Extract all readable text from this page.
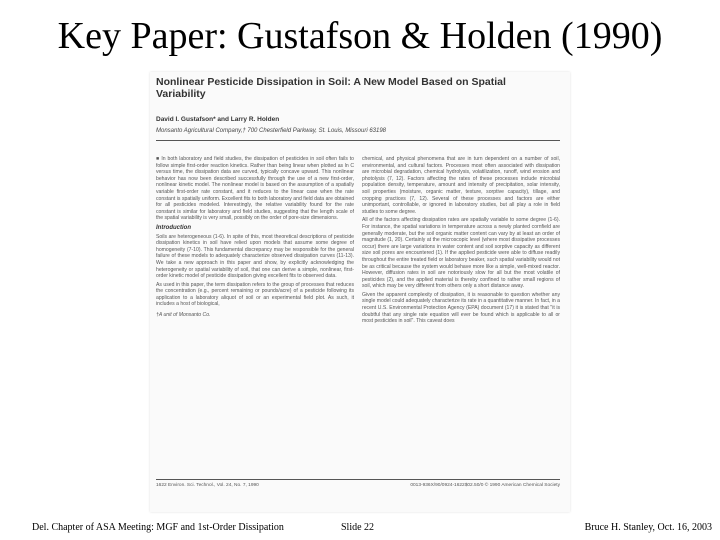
Key Paper: Gustafson & Holden (1990)
Nonlinear Pesticide Dissipation in Soil: A New Model Based on Spatial Variability
David I. Gustafson* and Larry R. Holden
Monsanto Agricultural Company,† 700 Chesterfield Parkway, St. Louis, Missouri 63198

■ In both laboratory and field studies, the dissipation of pesticides in soil often fails to follow simple first-order reaction kinetics. Rather than being linear when plotted as ln C versus time, the dissipation data are curved, typically concave upward. This nonlinear behavior has now been described successfully through the use of a new first-order, nonlinear kinetic model. The nonlinear model is based on the assumption of a spatially variable first-order rate constant, and it reduces to the linear case when the rate constant is spatially uniform. Excellent fits to both laboratory and field data are obtained for all pesticides modeled. Interestingly, the relative variability found for the rate constant is similar for laboratory and field studies, suggesting that the length scale of the spatial variability is very small, possibly on the order of pore-size dimensions.

Introduction

Soils are heterogeneous (1-6). In spite of this, most theoretical descriptions of pesticide dissipation kinetics in soil have relied upon models that assume some degree of homogeneity (7-10). This fundamental discrepancy may be responsible for the general failure of these models to adequately characterize observed dissipation curves (11-13). We take a new approach in this paper and show, by explicitly acknowledging the heterogeneity or spatial variability of soil, that one can derive a simple, nonlinear, first-order kinetic model of pesticide dissipation giving excellent fits to observed data.

As used in this paper, the term dissipation refers to the group of processes that reduces the concentration (e.g., percent remaining or pounds/acre) of a pesticide following its application to a laboratory aliquot of soil or an experimental field plot. As such, it includes a host of biological,

†A unit of Monsanto Co.

chemical, and physical phenomena that are in turn dependent on a number of soil, environmental, and cultural factors. Processes most often associated with dissipation are microbial degradation, chemical hydrolysis, volatilization, runoff, wind erosion and photolysis (7, 12). Factors affecting the rates of these processes include microbial population density, temperature, amount and intensity of precipitation, solar intensity, soil properties (moisture, organic matter, texture, sorptive capacity), tillage, and cropping practices (7, 12). Several of these processes and factors are either unimportant, controllable, or ignored in laboratory studies, but all play a role in field studies to some degree.

All of the factors affecting dissipation rates are spatially variable to some degree (1-6). For instance, the spatial variations in temperature across a newly planted cornfield are generally moderate, but the soil organic matter content can vary by at least an order of magnitude (1, 20). Certainly at the microscopic level (where most dissipative processes occur) there are large variations in water content and soil sorptive capacity as different size soil pores are encountered (1). If the applied pesticide were able to diffuse readily throughout the entire treated field or laboratory beaker, such spatial variability would not be as critical because the system would behave more like a simple, well-mixed reactor. However, diffusion rates in soil are notoriously slow for all but the most volatile of pesticides (2), and the applied material is thereby confined to rather small regions of soil, which may be very different from others only a short distance away.

Given the apparent complexity of dissipation, it is reasonable to question whether any single model could adequately characterize its rate in a quantitative manner. In fact, in a recent U.S. Environmental Protection Agency (EPA) document (17) it is stated that "it is doubtful that any single rate equation will ever be found which is applicable to all or most pesticides in soil". This caveat does

1622 Environ. Sci. Technol., Vol. 24, No. 7, 1990	0013-936X/90/0924-1622$02.50/0 © 1990 American Chemical Society
Del. Chapter of ASA Meeting: MGF and 1st-Order Dissipation	Slide 22	Bruce H. Stanley, Oct. 16, 2003
